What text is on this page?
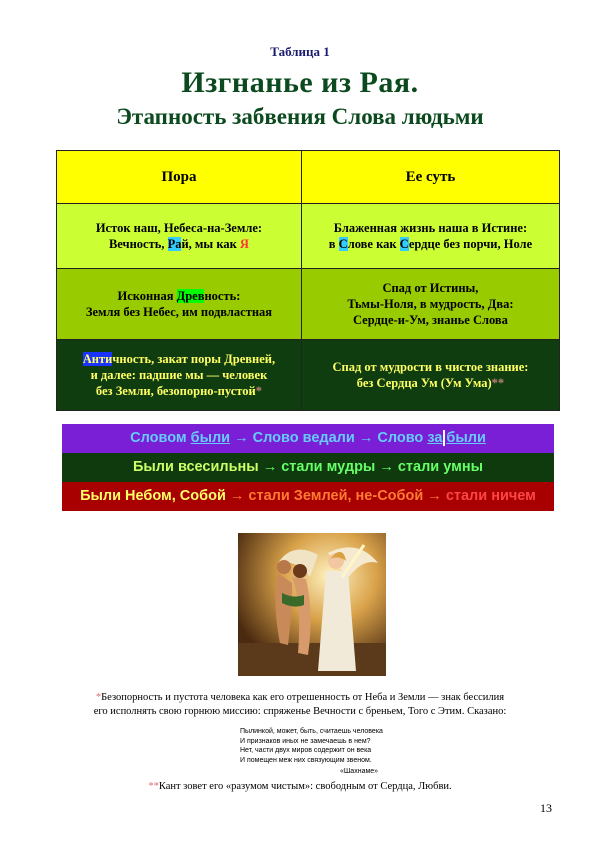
Таблица 1
Изгнанье из Рая.
Этапность забвения Слова людьми
Пора	Ее суть
Исток наш, Небеса-на-Земле:
Вечность, Рай, мы как Я	Блаженная жизнь наша в Истине:
в Слове как Сердце без порчи, Ноле
Исконная Древность:
Земля без Небес, им подвластная	Спад от Истины,
Тьмы-Ноля, в мудрость, Два:
Сердце-и-Ум, знанье Слова
Античность, закат поры Древней,
и далее: падшие мы — человек
без Земли, безопорно-пустой*	Спад от мудрости в чистое знание:
без Сердца Ум (Ум Ума)**
Словом были → Слово ведали → Слово за были
Были всесильны → стали мудры → стали умны
Были Небом, Собой → стали Землей, не-Собой → стали ничем
*Безопорность и пустота человека как его отрешенность от Неба и Земли — знак бессилия
его исполнять свою горнюю миссию: спряженье Вечности с бреньем, Того с Этим. Сказано:
Пылинкой, может, быть, считаешь человека
И признаков иных не замечаешь в нем?
Нет, части двух миров содержит он века
И помещен меж них связующим звеном.
«Шахнаме»
**Кант зовет его «разумом чистым»: свободным от Сердца, Любви.
13
